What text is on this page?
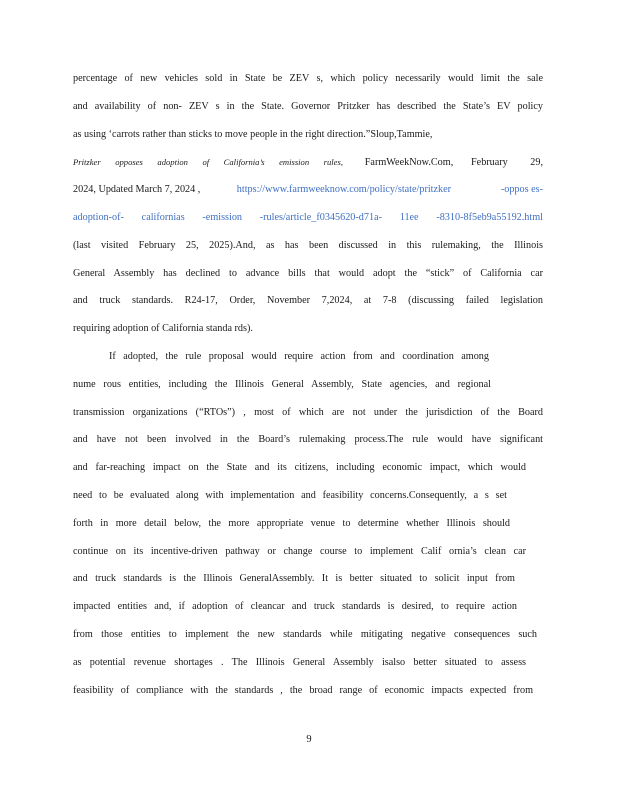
percentage of new vehicles sold in State be ZEV s, which policy necessarily would limit the sale
and availability of non- ZEV s in the State. Governor Pritzker has described the State’s EV policy
as using ‘carrots rather than sticks to move people in the right direction.”Sloup,Tammie,
Pritzker opposes adoption of California’s emission rules, FarmWeekNow.Com, February 29,
2024, Updated March 7, 2024 ,	https://www.farmweeknow.com/policy/state/pritzker	-oppos es-
adoption-of- californias -emission -rules/article_f0345620-d71a- 11ee -8310-8f5eb9a55192.html
(last visited February 25, 2025).And, as has been discussed in this rulemaking, the Illinois
General Assembly has declined to advance bills that would adopt the “stick” of California car
and truck standards. R24-17, Order, November 7,2024, at 7-8 (discussing failed legislation
requiring adoption of California standa rds).
If adopted, the rule proposal would require action from and coordination among
nume rous entities, including the Illinois General Assembly, State agencies, and regional
transmission organizations (“RTOs”) , most of which are not under the jurisdiction of the Board
and have not been involved in the Board’s rulemaking process.The rule would have significant
and far-reaching impact on the State and its citizens, including economic impact, which would
need to be evaluated along with implementation and feasibility concerns.Consequently, a s set
forth in more detail below, the more appropriate venue to determine whether Illinois should
continue on its incentive-driven pathway or change course to implement Calif ornia’s clean car
and truck standards is the Illinois GeneralAssembly. It is better situated to solicit input from
impacted entities and, if adoption of cleancar and truck standards is desired, to require action
from those entities to implement the new standards while mitigating negative consequences such
as potential revenue shortages . The Illinois General Assembly isalso better situated to assess
feasibility of compliance with the standards , the broad range of economic impacts expected from
9
